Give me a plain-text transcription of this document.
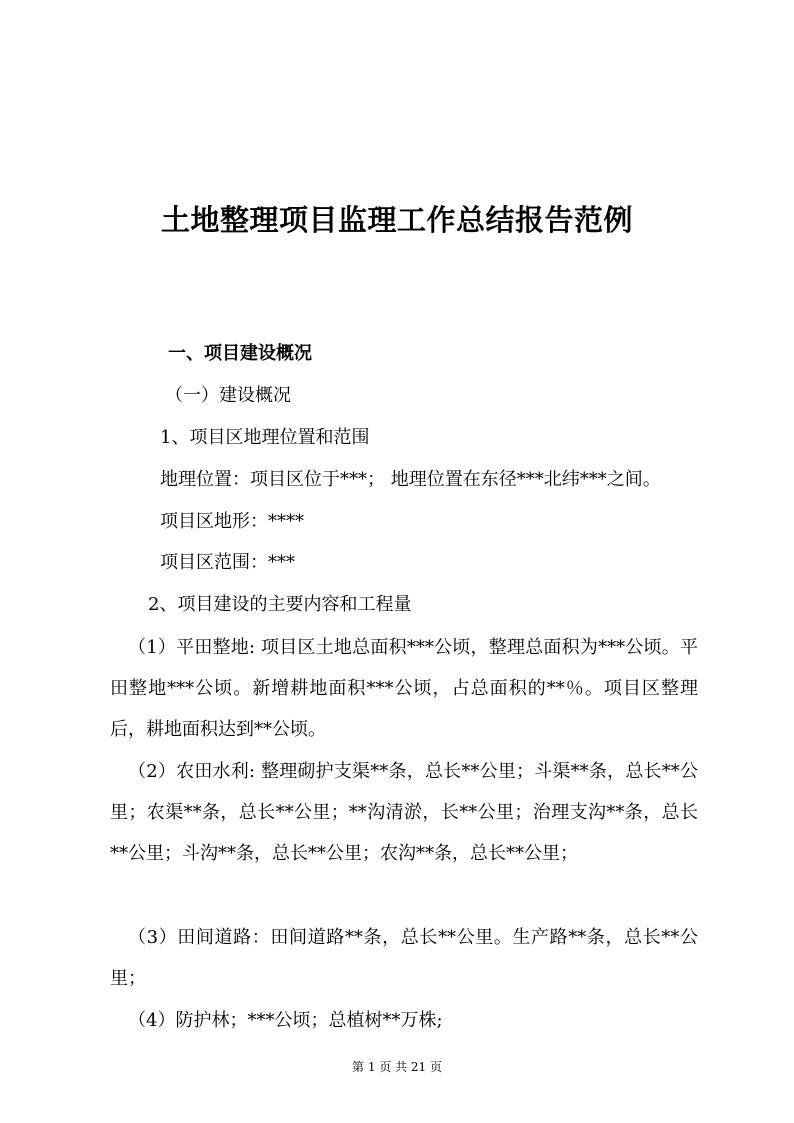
土地整理项目监理工作总结报告范例
一、项目建设概况
（一）建设概况
1、项目区地理位置和范围
地理位置：项目区位于***； 地理位置在东径***北纬***之间。
项目区地形：****
项目区范围：***
2、项目建设的主要内容和工程量
（1）平田整地: 项目区土地总面积***公顷，整理总面积为***公顷。平田整地***公顷。新增耕地面积***公顷，占总面积的**％。项目区整理后，耕地面积达到**公顷。
（2）农田水利: 整理砌护支渠**条，总长**公里；斗渠**条，总长**公里；农渠**条，总长**公里；**沟清淤，长**公里；治理支沟**条，总长**公里；斗沟**条，总长**公里；农沟**条，总长**公里；
（3）田间道路：田间道路**条，总长**公里。生产路**条，总长**公里；
（4）防护林；***公顷；总植树**万株;
第 1 页 共 21 页
